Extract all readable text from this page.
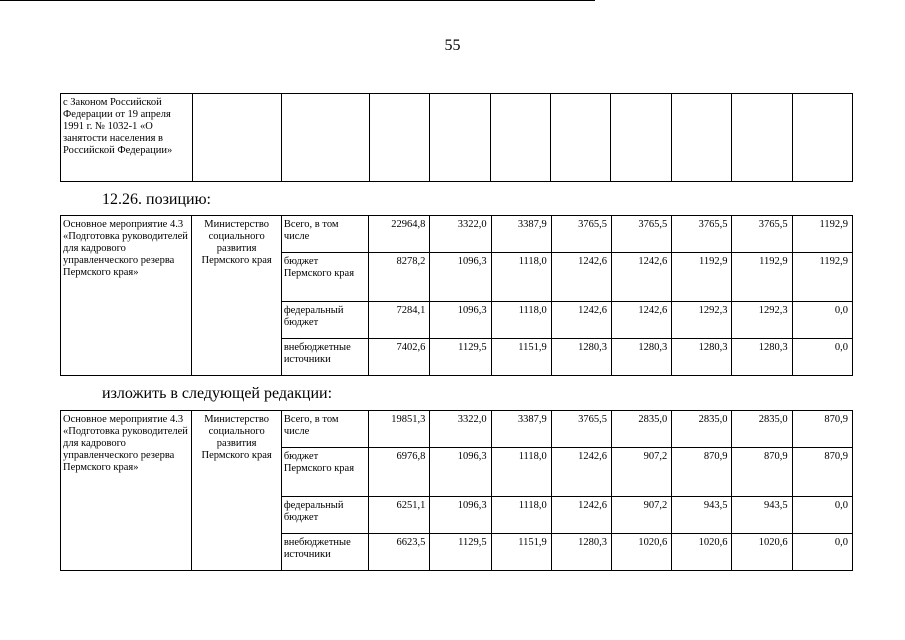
55
с Законом Российской Федерации от 19 апреля 1991 г. № 1032-1 «О занятости населения в Российской Федерации»										
12.26. позицию:
Основное мероприятие 4.3 «Подготовка руководителей для кадрового управленческого резерва Пермского края»	Министерство социального развития Пермского края	Всего, в том числе	22964,8	3322,0	3387,9	3765,5	3765,5	3765,5	3765,5	1192,9
		бюджет Пермского края	8278,2	1096,3	1118,0	1242,6	1242,6	1192,9	1192,9	1192,9
		федеральный бюджет	7284,1	1096,3	1118,0	1242,6	1242,6	1292,3	1292,3	0,0
		внебюджетные источники	7402,6	1129,5	1151,9	1280,3	1280,3	1280,3	1280,3	0,0
изложить в следующей редакции:
Основное мероприятие 4.3 «Подготовка руководителей для кадрового управленческого резерва Пермского края»	Министерство социального развития Пермского края	Всего, в том числе	19851,3	3322,0	3387,9	3765,5	2835,0	2835,0	2835,0	870,9
		бюджет Пермского края	6976,8	1096,3	1118,0	1242,6	907,2	870,9	870,9	870,9
		федеральный бюджет	6251,1	1096,3	1118,0	1242,6	907,2	943,5	943,5	0,0
		внебюджетные источники	6623,5	1129,5	1151,9	1280,3	1020,6	1020,6	1020,6	0,0
